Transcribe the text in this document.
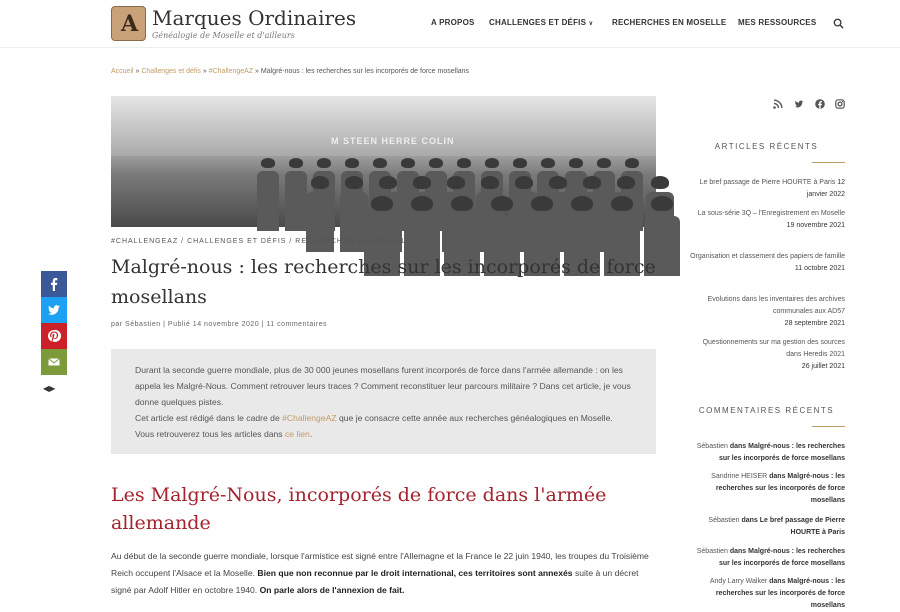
A Marques Ordinaires
Généalogie de Moselle et d'ailleurs
A PROPOS CHALLENGES ET DÉFIS ∨ RECHERCHES EN MOSELLE MES RESSOURCES
Accueil » Challenges et défis » #ChallengeAZ » Malgré-nous : les recherches sur les incorporés de force mosellans
M STEEN HERRE COLIN
#CHALLENGEAZ / CHALLENGES ET DÉFIS / RECHERCHES EN MOSELLE
Malgré-nous : les recherches sur les incorporés de force mosellans
par Sébastien | Publié 14 novembre 2020 | 11 commentaires

Durant la seconde guerre mondiale, plus de 30 000 jeunes mosellans furent incorporés de force dans l'armée allemande : on les appela les Malgré-Nous. Comment retrouver leurs traces ? Comment reconstituer leur parcours militaire ? Dans cet article, je vous donne quelques pistes.

Cet article est rédigé dans le cadre de #ChallengeAZ que je consacre cette année aux recherches généalogiques en Moselle. Vous retrouverez tous les articles dans ce lien.

Les Malgré-Nous, incorporés de force dans l'armée allemande
Au début de la seconde guerre mondiale, lorsque l'armistice est signé entre l'Allemagne et la France le 22 juin 1940, les troupes du Troisième Reich occupent l'Alsace et la Moselle. Bien que non reconnue par le droit international, ces territoires sont annexés suite à un décret signé par Adolf Hitler en octobre 1940. On parle alors de l'annexion de fait.
◀▶
ARTICLES RÉCENTS
Le bref passage de Pierre HOURTE à Paris 12 janvier 2022
La sous-série 3Q – l'Enregistrement en Moselle
19 novembre 2021
Organisation et classement des papiers de famille
11 octobre 2021
Evolutions dans les inventaires des archives communales aux AD57
28 septembre 2021
Questionnements sur ma gestion des sources dans Heredis 2021
26 juillet 2021
COMMENTAIRES RÉCENTS
Sébastien dans Malgré-nous : les recherches sur les incorporés de force mosellans
Sandrine HEISER dans Malgré-nous : les recherches sur les incorporés de force mosellans
Sébastien dans Le bref passage de Pierre HOURTE à Paris
Sébastien dans Malgré-nous : les recherches sur les incorporés de force mosellans
Andy Larry Walker dans Malgré-nous : les recherches sur les incorporés de force mosellans
